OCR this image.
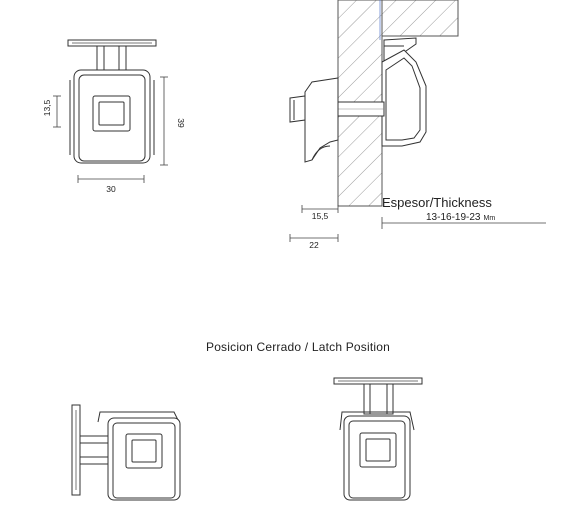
13,5
39
30
15,5
22
Espesor/Thickness
13-16-19-23 Mm
Posicion Cerrado / Latch Position
